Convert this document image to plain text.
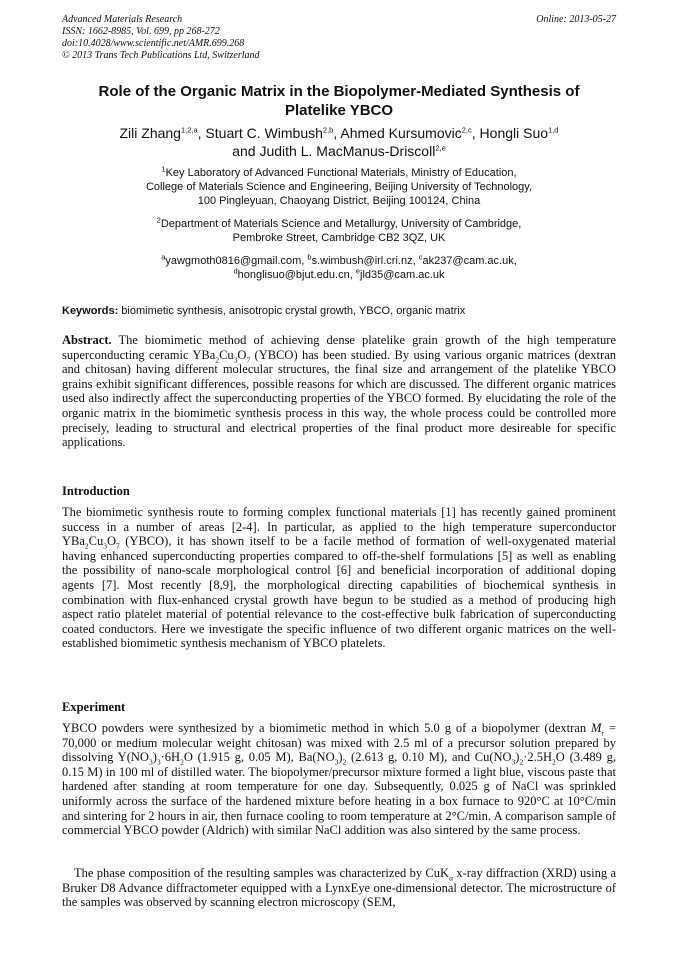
Advanced Materials Research
ISSN: 1662-8985, Vol. 699, pp 268-272
doi:10.4028/www.scientific.net/AMR.699.268
© 2013 Trans Tech Publications Ltd, Switzerland
Online: 2013-05-27
Role of the Organic Matrix in the Biopolymer-Mediated Synthesis of
Platelike YBCO
Zili Zhang$^{1,2,a}$, Stuart C. Wimbush$^{2,b}$, Ahmed Kursumovic$^{2,c}$, Hongli Suo$^{1,d}$
and Judith L. MacManus-Driscoll$^{2,e}$
$^1$Key Laboratory of Advanced Functional Materials, Ministry of Education,
College of Materials Science and Engineering, Beijing University of Technology,
100 Pingleyuan, Chaoyang District, Beijing 100124, China
$^2$Department of Materials Science and Metallurgy, University of Cambridge,
Pembroke Street, Cambridge CB2 3QZ, UK
$^a$yawgmoth0816@gmail.com, $^b$s.wimbush@irl.cri.nz, $^c$ak237@cam.ac.uk,
$^d$honglisuo@bjut.edu.cn, $^e$jld35@cam.ac.uk
Keywords: biomimetic synthesis, anisotropic crystal growth, YBCO, organic matrix

Abstract. The biomimetic method of achieving dense platelike grain growth of the high temperature superconducting ceramic $YBa_2Cu_3O_7$ (YBCO) has been studied. By using various organic matrices (dextran and chitosan) having different molecular structures, the final size and arrangement of the platelike YBCO grains exhibit significant differences, possible reasons for which are discussed. The different organic matrices used also indirectly affect the superconducting properties of the YBCO formed. By elucidating the role of the organic matrix in the biomimetic synthesis process in this way, the whole process could be controlled more precisely, leading to structural and electrical properties of the final product more desireable for specific applications.

Introduction

The biomimetic synthesis route to forming complex functional materials [1] has recently gained prominent success in a number of areas [2-4]. In particular, as applied to the high temperature superconductor $YBa_2Cu_3O_7$ (YBCO), it has shown itself to be a facile method of formation of well-oxygenated material having enhanced superconducting properties compared to off-the-shelf formulations [5] as well as enabling the possibility of nano-scale morphological control [6] and beneficial incorporation of additional doping agents [7]. Most recently [8,9], the morphological directing capabilities of biochemical synthesis in combination with flux-enhanced crystal growth have begun to be studied as a method of producing high aspect ratio platelet material of potential relevance to the cost-effective bulk fabrication of superconducting coated conductors. Here we investigate the specific influence of two different organic matrices on the well-established biomimetic synthesis mechanism of YBCO platelets.

Experiment

YBCO powders were synthesized by a biomimetic method in which 5.0 g of a biopolymer (dextran $M_r = 70,000$ or medium molecular weight chitosan) was mixed with 2.5 ml of a precursor solution prepared by dissolving $Y(NO_3)_3\cdot 6H_2O$ (1.915 g, 0.05 M), $Ba(NO_3)_2$ (2.613 g, 0.10 M), and $Cu(NO_3)_2\cdot 2.5H_2O$ (3.489 g, 0.15 M) in 100 ml of distilled water. The biopolymer/precursor mixture formed a light blue, viscous paste that hardened after standing at room temperature for one day. Subsequently, 0.025 g of NaCl was sprinkled uniformly across the surface of the hardened mixture before heating in a box furnace to 920°C at 10°C/min and sintering for 2 hours in air, then furnace cooling to room temperature at 2°C/min. A comparison sample of commercial YBCO powder (Aldrich) with similar NaCl addition was also sintered by the same process.

The phase composition of the resulting samples was characterized by CuK$_\alpha$ x-ray diffraction (XRD) using a Bruker D8 Advance diffractometer equipped with a LynxEye one-dimensional detector. The microstructure of the samples was observed by scanning electron microscopy (SEM,
